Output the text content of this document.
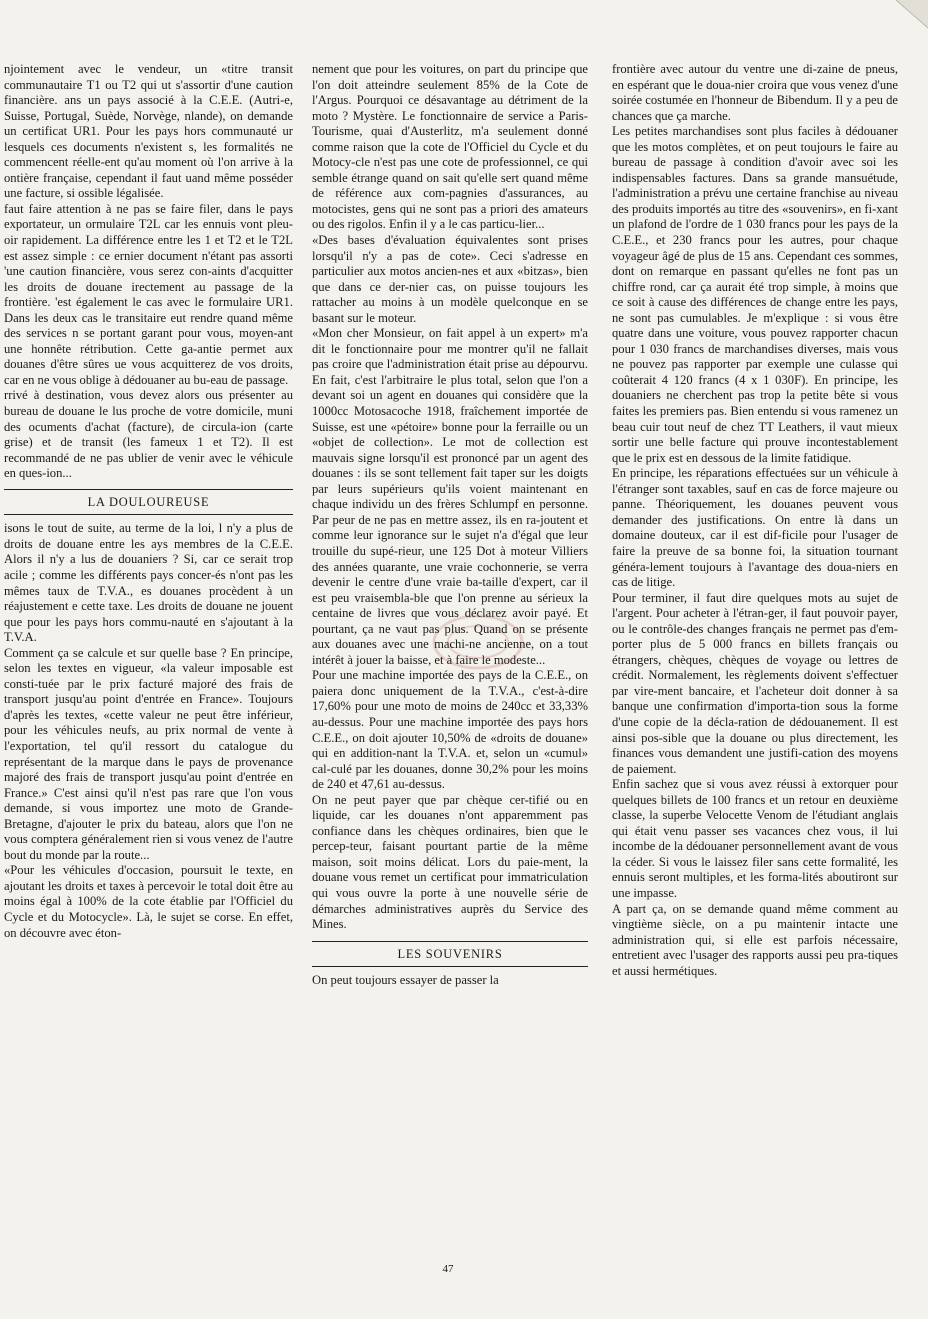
njointement avec le vendeur, un «titre transit communautaire T1 ou T2 qui ut s'assortir d'une caution financière. ans un pays associé à la C.E.E. (Autri-e, Suisse, Portugal, Suède, Norvège, nlande), on demande un certificat UR1. Pour les pays hors communauté ur lesquels ces documents n'existent s, les formalités ne commencent réelle-ent qu'au moment où l'on arrive à la ontière française, cependant il faut uand même posséder une facture, si ossible légalisée.

faut faire attention à ne pas se faire filer, dans le pays exportateur, un ormulaire T2L car les ennuis vont pleu-oir rapidement. La différence entre les 1 et T2 et le T2L est assez simple : ce ernier document n'étant pas assorti 'une caution financière, vous serez con-aints d'acquitter les droits de douane irectement au passage de la frontière. 'est également le cas avec le formulaire UR1. Dans les deux cas le transitaire eut rendre quand même des services n se portant garant pour vous, moyen-ant une honnête rétribution. Cette ga-antie permet aux douanes d'être sûres ue vous acquitterez de vos droits, car en ne vous oblige à dédouaner au bu-eau de passage.

rrivé à destination, vous devez alors ous présenter au bureau de douane le lus proche de votre domicile, muni des ocuments d'achat (facture), de circula-ion (carte grise) et de transit (les fameux 1 et T2). Il est recommandé de ne pas ublier de venir avec le véhicule en ques-ion...

LA DOULOUREUSE

isons le tout de suite, au terme de la loi, l n'y a plus de droits de douane entre les ays membres de la C.E.E. Alors il n'y a lus de douaniers ? Si, car ce serait trop acile ; comme les différents pays concer-és n'ont pas les mêmes taux de T.V.A., es douanes procèdent à un réajustement e cette taxe. Les droits de douane ne jouent que pour les pays hors commu-nauté en s'ajoutant à la T.V.A.

Comment ça se calcule et sur quelle base ? En principe, selon les textes en vigueur, «la valeur imposable est consti-tuée par le prix facturé majoré des frais de transport jusqu'au point d'entrée en France». Toujours d'après les textes, «cette valeur ne peut être inférieur, pour les véhicules neufs, au prix normal de vente à l'exportation, tel qu'il ressort du catalogue du représentant de la marque dans le pays de provenance majoré des frais de transport jusqu'au point d'entrée en France.» C'est ainsi qu'il n'est pas rare que l'on vous demande, si vous importez une moto de Grande-Bretagne, d'ajouter le prix du bateau, alors que l'on ne vous comptera généralement rien si vous venez de l'autre bout du monde par la route...

«Pour les véhicules d'occasion, poursuit le texte, en ajoutant les droits et taxes à percevoir le total doit être au moins égal à 100% de la cote établie par l'Officiel du Cycle et du Motocycle». Là, le sujet se corse. En effet, on découvre avec éton-

nement que pour les voitures, on part du principe que l'on doit atteindre seulement 85% de la Cote de l'Argus. Pourquoi ce désavantage au détriment de la moto ? Mystère. Le fonctionnaire de service a Paris-Tourisme, quai d'Austerlitz, m'a seulement donné comme raison que la cote de l'Officiel du Cycle et du Motocy-cle n'est pas une cote de professionnel, ce qui semble étrange quand on sait qu'elle sert quand même de référence aux com-pagnies d'assurances, au motocistes, gens qui ne sont pas a priori des amateurs ou des rigolos. Enfin il y a le cas particu-lier...

«Des bases d'évaluation équivalentes sont prises lorsqu'il n'y a pas de cote». Ceci s'adresse en particulier aux motos ancien-nes et aux «bitzas», bien que dans ce der-nier cas, on puisse toujours les rattacher au moins à un modèle quelconque en se basant sur le moteur.

«Mon cher Monsieur, on fait appel à un expert» m'a dit le fonctionnaire pour me montrer qu'il ne fallait pas croire que l'administration était prise au dépourvu. En fait, c'est l'arbitraire le plus total, selon que l'on a devant soi un agent en douanes qui considère que la 1000cc Motosacoche 1918, fraîchement importée de Suisse, est une «pétoire» bonne pour la ferraille ou un «objet de collection». Le mot de collection est mauvais signe lorsqu'il est prononcé par un agent des douanes : ils se sont tellement fait taper sur les doigts par leurs supérieurs qu'ils voient maintenant en chaque individu un des frères Schlumpf en personne. Par peur de ne pas en mettre assez, ils en ra-joutent et comme leur ignorance sur le sujet n'a d'égal que leur trouille du supé-rieur, une 125 Dot à moteur Villiers des années quarante, une vraie cochonnerie, se verra devenir le centre d'une vraie ba-taille d'expert, car il est peu vraisembla-ble que l'on prenne au sérieux la centaine de livres que vous déclarez avoir payé. Et pourtant, ça ne vaut pas plus. Quand on se présente aux douanes avec une machi-ne ancienne, on a tout intérêt à jouer la baisse, et à faire le modeste...

Pour une machine importée des pays de la C.E.E., on paiera donc uniquement de la T.V.A., c'est-à-dire 17,60% pour une moto de moins de 240cc et 33,33% au-dessus. Pour une machine importée des pays hors C.E.E., on doit ajouter 10,50% de «droits de douane» qui en addition-nant la T.V.A. et, selon un «cumul» cal-culé par les douanes, donne 30,2% pour les moins de 240 et 47,61 au-dessus.

On ne peut payer que par chèque cer-tifié ou en liquide, car les douanes n'ont apparemment pas confiance dans les chèques ordinaires, bien que le percep-teur, faisant pourtant partie de la même maison, soit moins délicat. Lors du paie-ment, la douane vous remet un certificat pour immatriculation qui vous ouvre la porte à une nouvelle série de démarches administratives auprès du Service des Mines.

LES SOUVENIRS

On peut toujours essayer de passer la

frontière avec autour du ventre une di-zaine de pneus, en espérant que le doua-nier croira que vous venez d'une soirée costumée en l'honneur de Bibendum. Il y a peu de chances que ça marche.

Les petites marchandises sont plus faciles à dédouaner que les motos complètes, et on peut toujours le faire au bureau de passage à condition d'avoir avec soi les indispensables factures. Dans sa grande mansuétude, l'administration a prévu une certaine franchise au niveau des produits importés au titre des «souvenirs», en fi-xant un plafond de l'ordre de 1 030 francs pour les pays de la C.E.E., et 230 francs pour les autres, pour chaque voyageur âgé de plus de 15 ans. Cependant ces sommes, dont on remarque en passant qu'elles ne font pas un chiffre rond, car ça aurait été trop simple, à moins que ce soit à cause des différences de change entre les pays, ne sont pas cumulables. Je m'explique : si vous être quatre dans une voiture, vous pouvez rapporter chacun pour 1 030 francs de marchandises diverses, mais vous ne pouvez pas rapporter par exemple une culasse qui coûterait 4 120 francs (4 x 1 030F). En principe, les douaniers ne cherchent pas trop la petite bête si vous faites les premiers pas. Bien entendu si vous ramenez un beau cuir tout neuf de chez TT Leathers, il vaut mieux sortir une belle facture qui prouve incontestablement que le prix est en dessous de la limite fatidique.

En principe, les réparations effectuées sur un véhicule à l'étranger sont taxables, sauf en cas de force majeure ou panne. Théoriquement, les douanes peuvent vous demander des justifications. On entre là dans un domaine douteux, car il est dif-ficile pour l'usager de faire la preuve de sa bonne foi, la situation tournant généra-lement toujours à l'avantage des doua-niers en cas de litige.

Pour terminer, il faut dire quelques mots au sujet de l'argent. Pour acheter à l'étran-ger, il faut pouvoir payer, ou le contrôle-des changes français ne permet pas d'em-porter plus de 5 000 francs en billets français ou étrangers, chèques, chèques de voyage ou lettres de crédit. Normalement, les règlements doivent s'effectuer par vire-ment bancaire, et l'acheteur doit donner à sa banque une confirmation d'importa-tion sous la forme d'une copie de la décla-ration de dédouanement. Il est ainsi pos-sible que la douane ou plus directement, les finances vous demandent une justifi-cation des moyens de paiement.

Enfin sachez que si vous avez réussi à extorquer pour quelques billets de 100 francs et un retour en deuxième classe, la superbe Velocette Venom de l'étudiant anglais qui était venu passer ses vacances chez vous, il lui incombe de la dédouaner personnellement avant de vous la céder. Si vous le laissez filer sans cette formalité, les ennuis seront multiples, et les forma-lités aboutiront sur une impasse.

A part ça, on se demande quand même comment au vingtième siècle, on a pu maintenir intacte une administration qui, si elle est parfois nécessaire, entretient avec l'usager des rapports aussi peu pra-tiques et aussi hermétiques.

47
